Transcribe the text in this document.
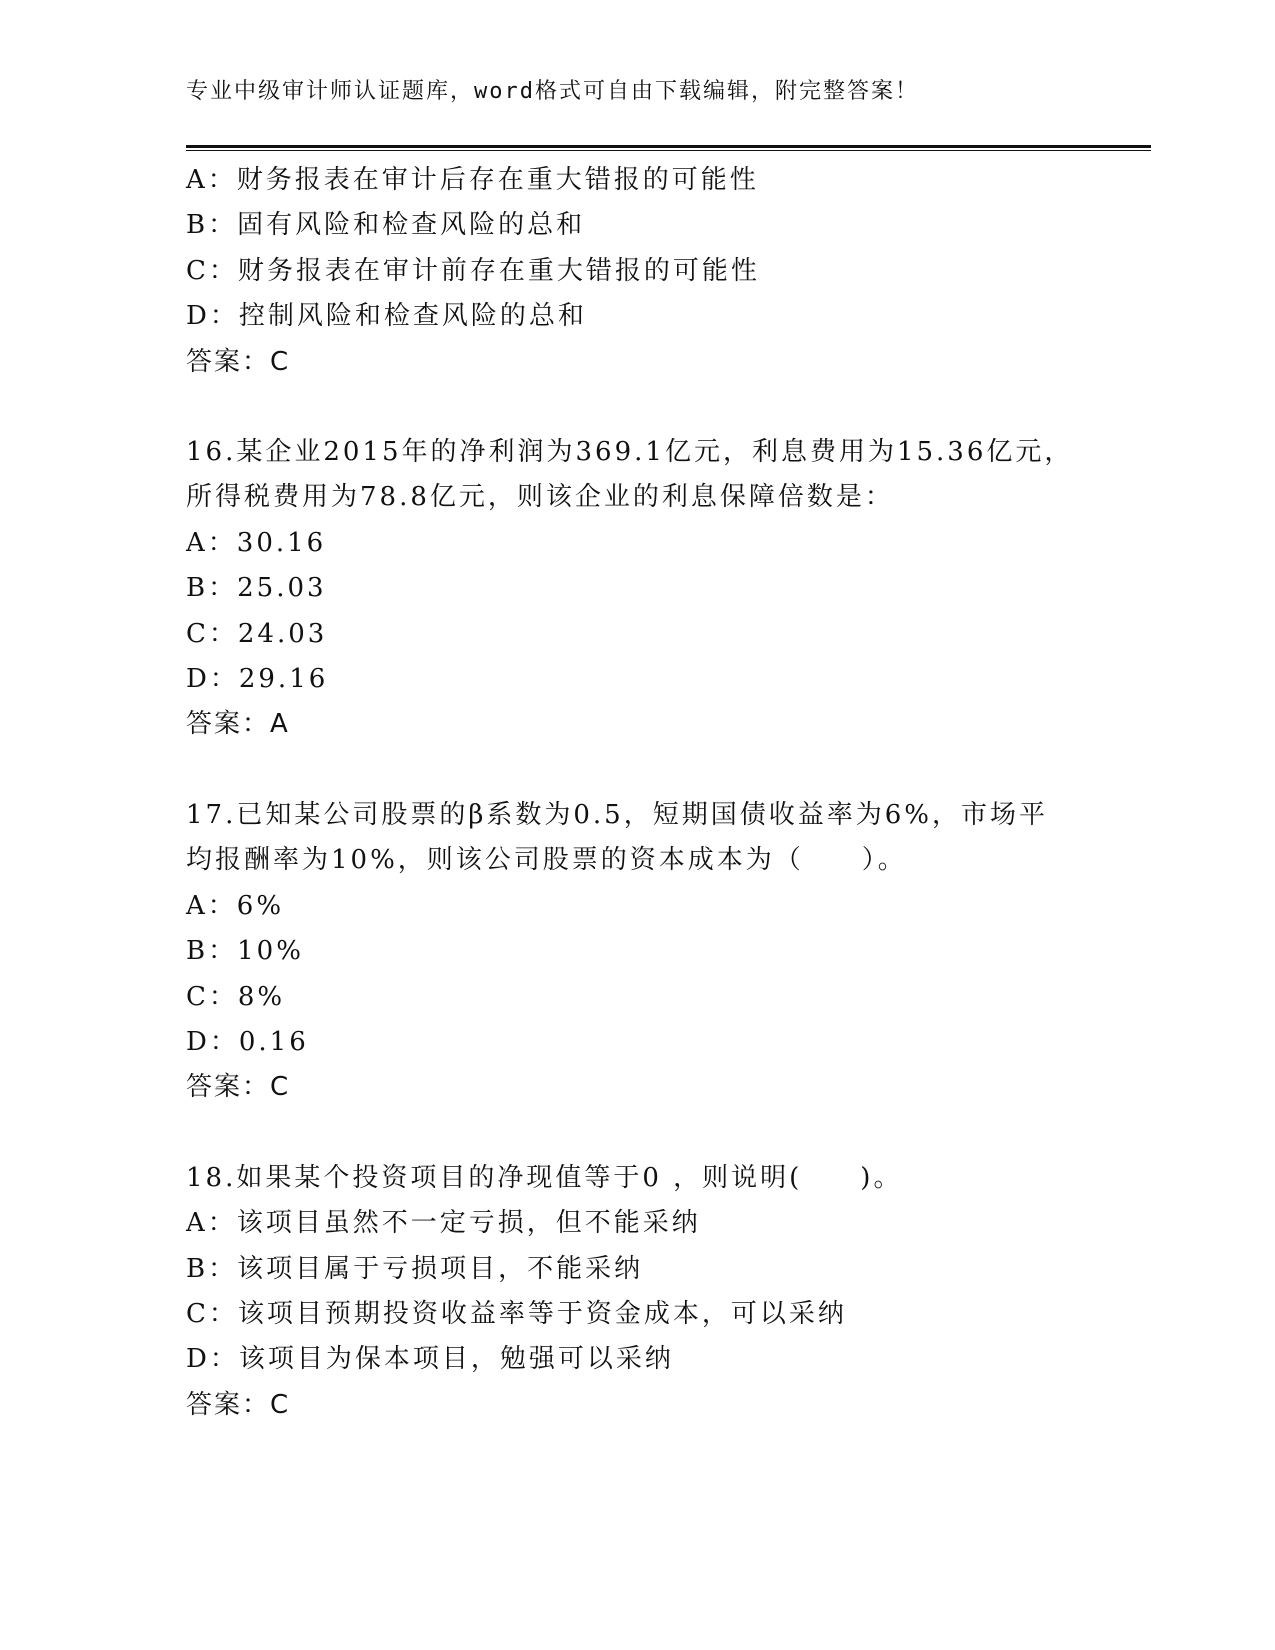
专业中级审计师认证题库，word格式可自由下载编辑，附完整答案！
A：财务报表在审计后存在重大错报的可能性
B：固有风险和检查风险的总和
C：财务报表在审计前存在重大错报的可能性
D：控制风险和检查风险的总和
答案：C
16.某企业2015年的净利润为369.1亿元，利息费用为15.36亿元，
所得税费用为78.8亿元，则该企业的利息保障倍数是：
A：30.16
B：25.03
C：24.03
D：29.16
答案：A
17.已知某公司股票的β系数为0.5，短期国债收益率为6%，市场平
均报酬率为10%，则该公司股票的资本成本为（　　）。
A：6%
B：10%
C：8%
D：0.16
答案：C
18.如果某个投资项目的净现值等于0 ，则说明(　　)。
A：该项目虽然不一定亏损，但不能采纳
B：该项目属于亏损项目，不能采纳
C：该项目预期投资收益率等于资金成本，可以采纳
D：该项目为保本项目，勉强可以采纳
答案：C
